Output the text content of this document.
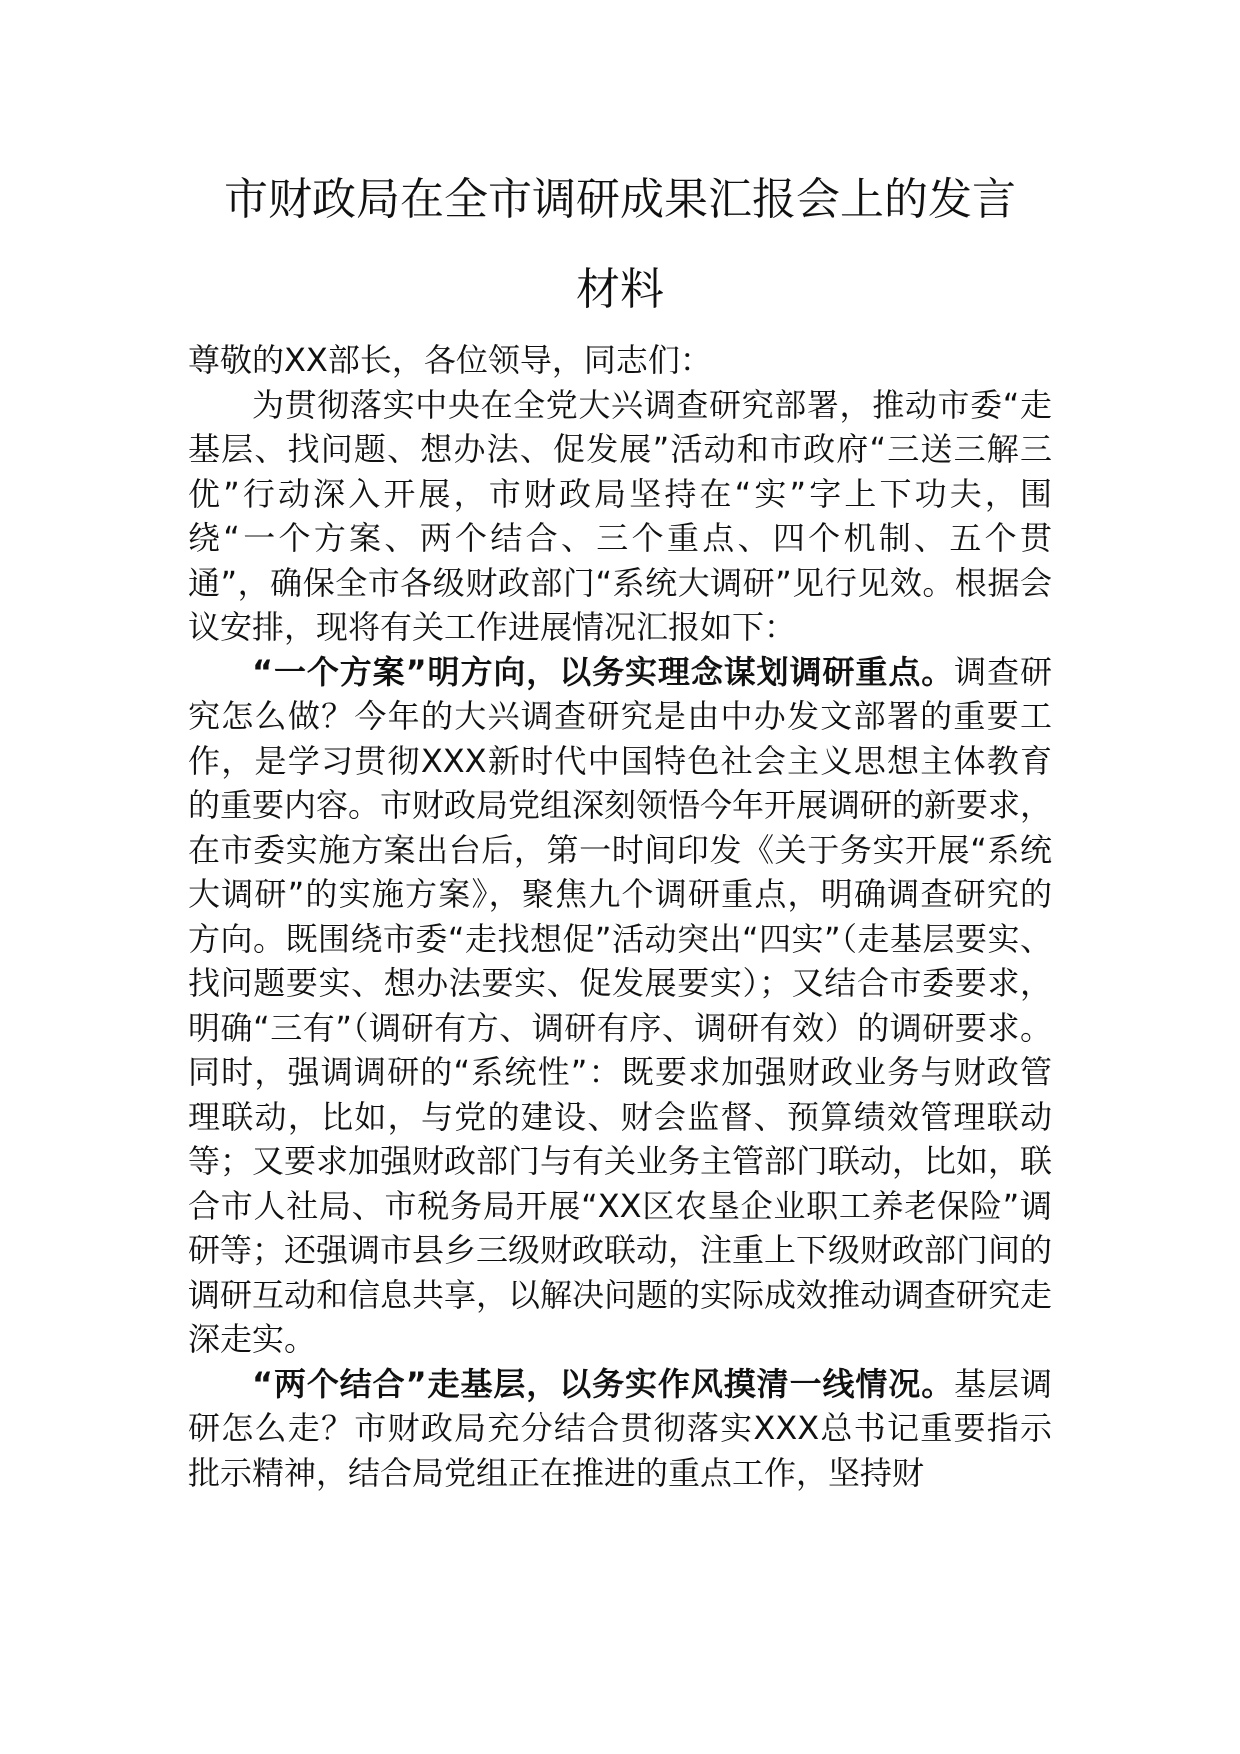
市财政局在全市调研成果汇报会上的发言
材料

尊敬的XX部长，各位领导，同志们：

为贯彻落实中央在全党大兴调查研究部署，推动市委“走基层、找问题、想办法、促发展”活动和市政府“三送三解三优”行动深入开展，市财政局坚持在“实”字上下功夫，围绕“一个方案、两个结合、三个重点、四个机制、五个贯通”，确保全市各级财政部门“系统大调研”见行见效。根据会议安排，现将有关工作进展情况汇报如下：

“一个方案”明方向，以务实理念谋划调研重点。调查研究怎么做？今年的大兴调查研究是由中办发文部署的重要工作，是学习贯彻XXX新时代中国特色社会主义思想主体教育的重要内容。市财政局党组深刻领悟今年开展调研的新要求，在市委实施方案出台后，第一时间印发《关于务实开展“系统大调研”的实施方案》，聚焦九个调研重点，明确调查研究的方向。既围绕市委“走找想促”活动突出“四实”（走基层要实、找问题要实、想办法要实、促发展要实）；又结合市委要求，明确“三有”（调研有方、调研有序、调研有效）的调研要求。同时，强调调研的“系统性”：既要求加强财政业务与财政管理联动，比如，与党的建设、财会监督、预算绩效管理联动等；又要求加强财政部门与有关业务主管部门联动，比如，联合市人社局、市税务局开展“XX区农垦企业职工养老保险”调研等；还强调市县乡三级财政联动，注重上下级财政部门间的调研互动和信息共享，以解决问题的实际成效推动调查研究走深走实。

“两个结合”走基层，以务实作风摸清一线情况。基层调研怎么走？市财政局充分结合贯彻落实XXX总书记重要指示批示精神，结合局党组正在推进的重点工作，坚持财
